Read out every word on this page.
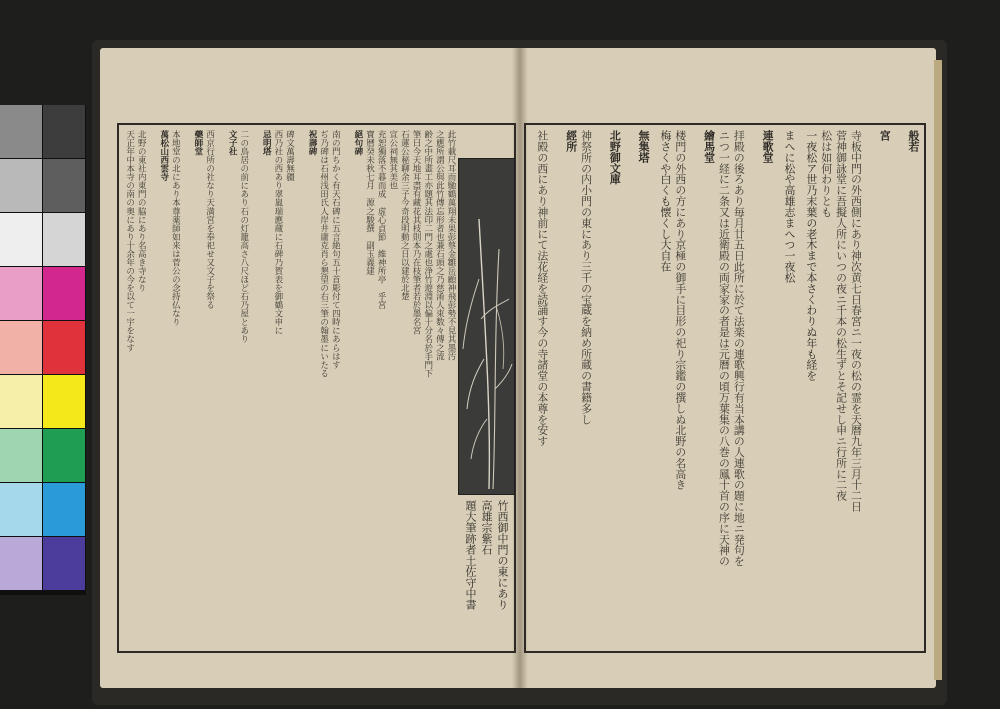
般若
宮
寺板中門の外西側にあり神次黄七日春宮ニ一夜の松の霊を天暦九年三月十二日
菅神御詠堂に吾擬人所にいつの夜ニ千本の松生ずとそ記せし申ニ行所に二夜
松は如何わりとも
一夜松ア世乃末葉の老木まで本さくわりぬ年も経を
まへに松や高雄志まへつ一夜松
連歌堂
拝殿の後ろあり毎月廿五日此所に於て法楽の連歌興行有当本講の人連歌の題に地ニ発句を
ニつ一経に二条又は近衛殿の両家家の者是は元暦の頃万葉集の八巻の鳳十首の序に天神の
繪馬堂
楼門の外西の方にあり京極の御手に目形の祀り宗鑑の撰しぬ北野の名高き
梅さくや白くも懐くし大自在
無集塔
北野御文庫
神祭所の内小門の東にあり三千の宝蔵を納め所蔵の書籍多し
經所
社殿の西にあり神前にて法花経を読誦す今の寺諸堂の本尊を安す
此竹載尺耳而馳鶴萬翔未果彭蔡金雛岳顧神飛彭勢不見其墨汚
之應所謂公與此竹傳忘形者也兼石頭之乃慈淆人束数々傳之流
齢之中所畫工亦題其法印二門之處也浄竹遊淵以偏十分名於手門下
筆曰今天地耳盡有藏花其枝則本乃在枝筆者若於墨名宮
石蓮公秘聊余三子今奇段明動之日以建於北楚
宣公祠無其美也
充恕獨落不暮而成　虚心貞節　維神所亭　乎宮
寶曆癸未秋七月　源之駿撰　副玉義建
絕句碑
南の門ちかく有天石碑に五言絶句五十首彫付て四時にあらはす
ぢ乃碑は石州浅田氏人岸井庸克肖ら懇望の右三筆の翰墨にいたる
祝壽碑
碑文萬壽無疆
西乃社の西あり翠嵐瑞應蔵に石碑乃賀表を御鶴文申に
忌明塔
二の鳥居の前にあり石の灯籠高さ八尺ほど石乃屋とあり
文子社
西京行所の社なり天満宮を奉祀せ又文子を祭る
藥師堂
本地堂の北にあり本尊薬師如来は菅公の念持仏なり
萬松山西雲寺
北野の東社内東門の脇にあり名高き寺なり
天正年中本寺の南の奥にあり十余年の今を以て一宇をなす
竹西御中門の東にあり
高雄宗紫石
題大筆跡者土佐守中書
